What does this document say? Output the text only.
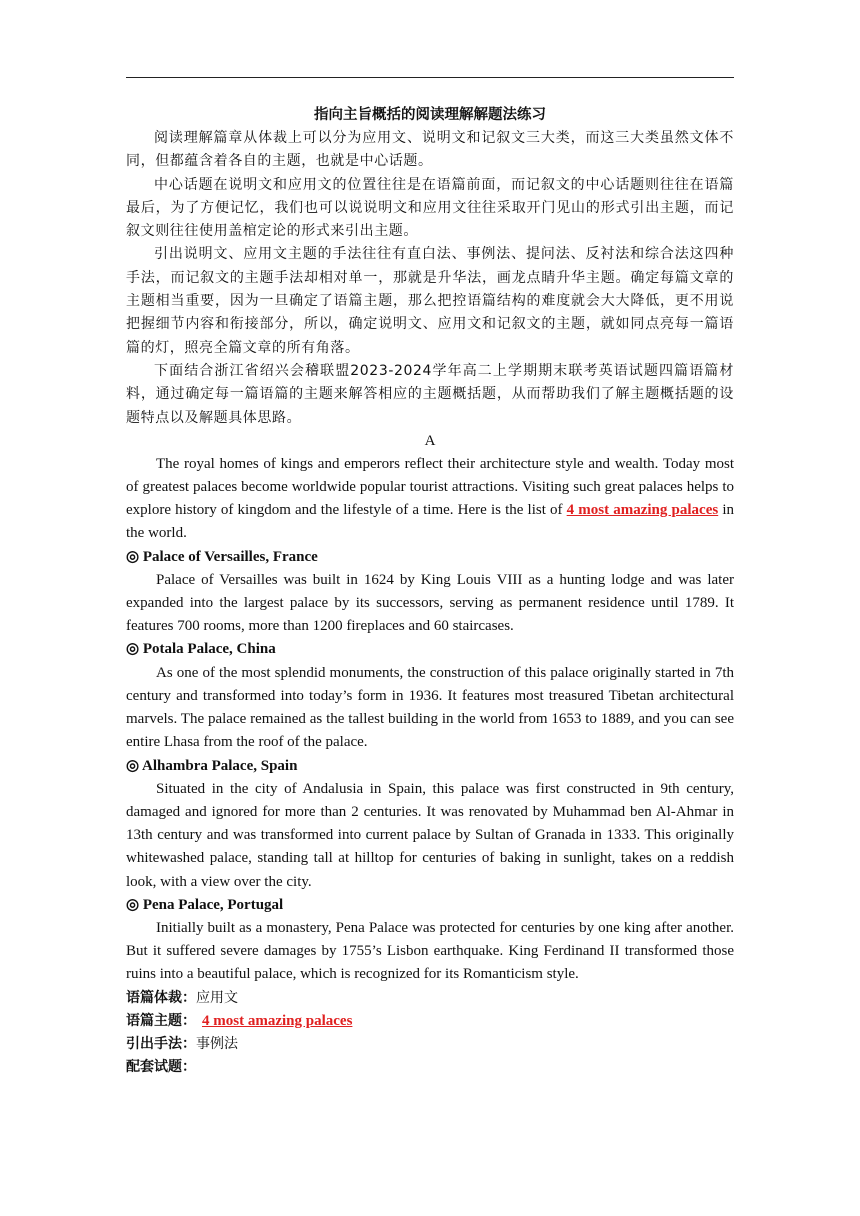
指向主旨概括的阅读理解解题法练习

阅读理解篇章从体裁上可以分为应用文、说明文和记叙文三大类，而这三大类虽然文体不同，但都蕴含着各自的主题，也就是中心话题。

中心话题在说明文和应用文的位置往往是在语篇前面，而记叙文的中心话题则往往在语篇最后，为了方便记忆，我们也可以说说明文和应用文往往采取开门见山的形式引出主题，而记叙文则往往使用盖棺定论的形式来引出主题。

引出说明文、应用文主题的手法往往有直白法、事例法、提问法、反衬法和综合法这四种手法，而记叙文的主题手法却相对单一，那就是升华法，画龙点睛升华主题。确定每篇文章的主题相当重要，因为一旦确定了语篇主题，那么把控语篇结构的难度就会大大降低，更不用说把握细节内容和衔接部分，所以，确定说明文、应用文和记叙文的主题，就如同点亮每一篇语篇的灯，照亮全篇文章的所有角落。

下面结合浙江省绍兴会稽联盟2023-2024学年高二上学期期末联考英语试题四篇语篇材料，通过确定每一篇语篇的主题来解答相应的主题概括题，从而帮助我们了解主题概括题的设题特点以及解题具体思路。

A

The royal homes of kings and emperors reflect their architecture style and wealth. Today most of greatest palaces become worldwide popular tourist attractions. Visiting such great palaces helps to explore history of kingdom and the lifestyle of a time. Here is the list of 4 most amazing palaces in the world.

◎ Palace of Versailles, France

Palace of Versailles was built in 1624 by King Louis VIII as a hunting lodge and was later expanded into the largest palace by its successors, serving as permanent residence until 1789. It features 700 rooms, more than 1200 fireplaces and 60 staircases.

◎ Potala Palace, China

As one of the most splendid monuments, the construction of this palace originally started in 7th century and transformed into today’s form in 1936. It features most treasured Tibetan architectural marvels. The palace remained as the tallest building in the world from 1653 to 1889, and you can see entire Lhasa from the roof of the palace.

◎ Alhambra Palace, Spain

Situated in the city of Andalusia in Spain, this palace was first constructed in 9th century, damaged and ignored for more than 2 centuries. It was renovated by Muhammad ben Al-Ahmar in 13th century and was transformed into current palace by Sultan of Granada in 1333. This originally whitewashed palace, standing tall at hilltop for centuries of baking in sunlight, takes on a reddish look, with a view over the city.

◎ Pena Palace, Portugal

Initially built as a monastery, Pena Palace was protected for centuries by one king after another. But it suffered severe damages by 1755’s Lisbon earthquake. King Ferdinand II transformed those ruins into a beautiful palace, which is recognized for its Romanticism style.

语篇体裁：应用文

语篇主题： 4 most amazing palaces

引出手法：事例法

配套试题：
